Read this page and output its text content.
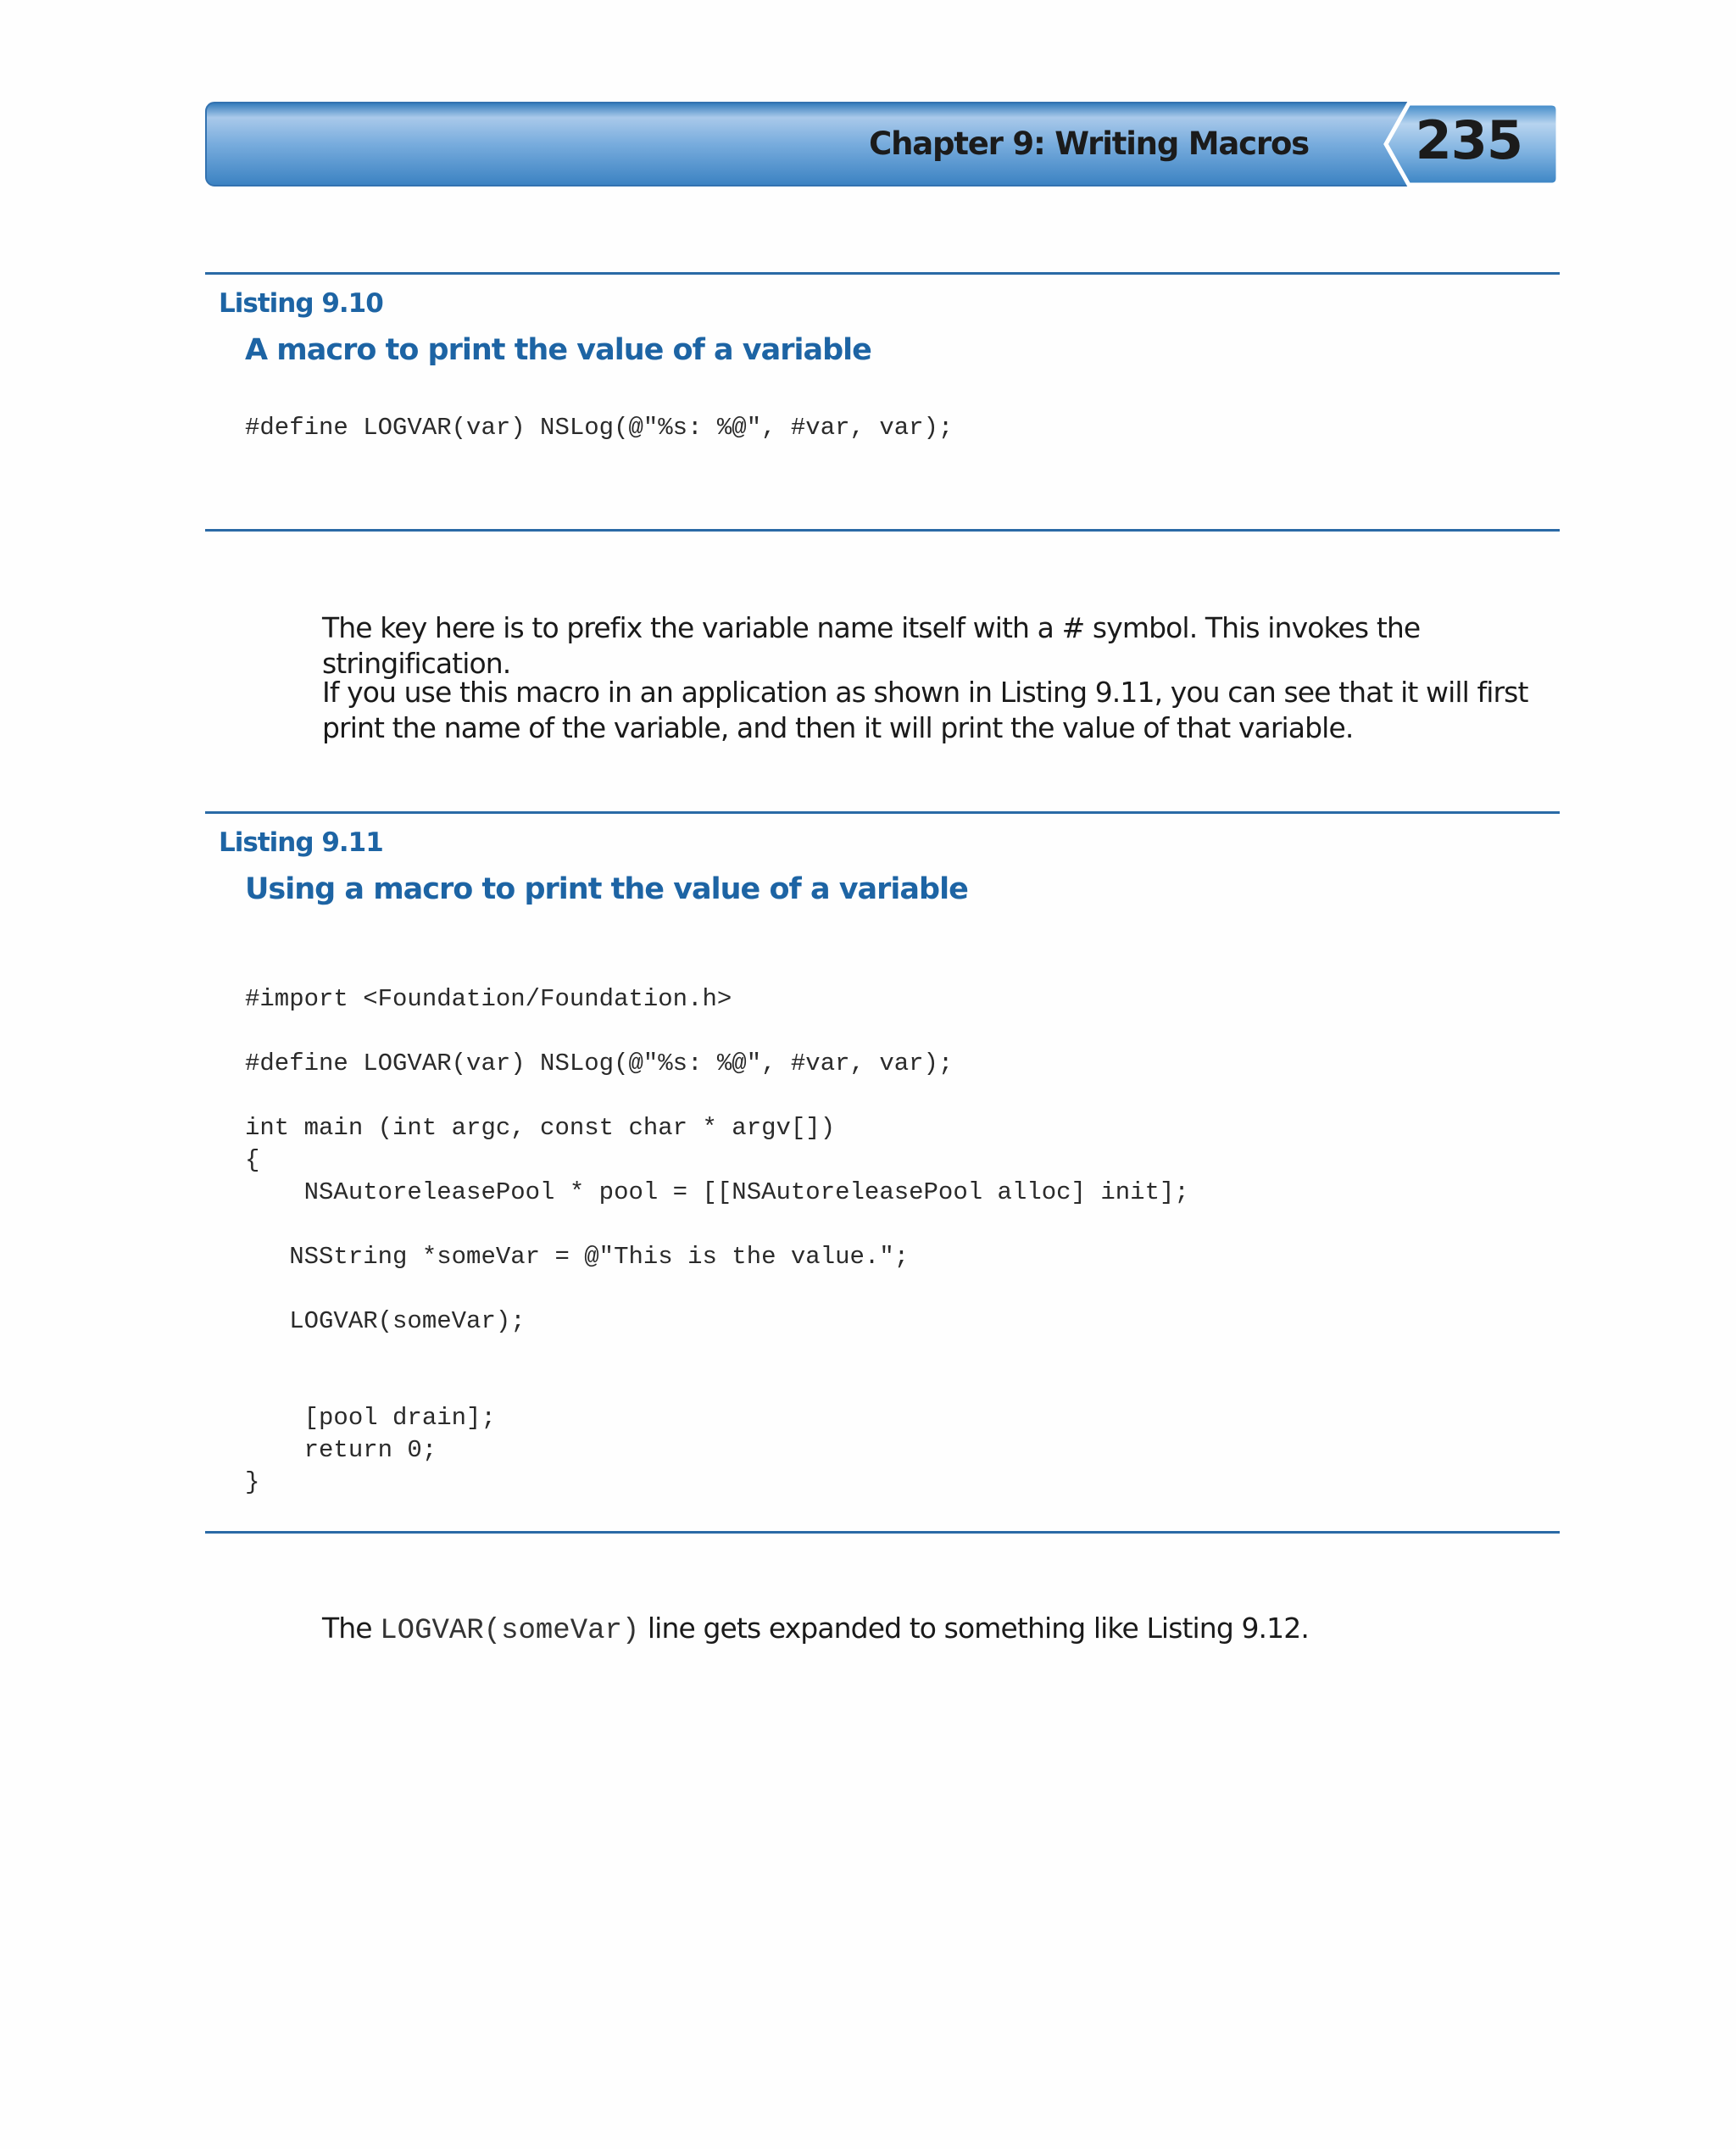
Chapter 9: Writing Macros 235
Listing 9.10
A macro to print the value of a variable
#define LOGVAR(var) NSLog(@"%s: %@", #var, var);

The key here is to prefix the variable name itself with a # symbol. This invokes the stringification.

If you use this macro in an application as shown in Listing 9.11, you can see that it will first print the name of the variable, and then it will print the value of that variable.

Listing 9.11
Using a macro to print the value of a variable
#import <Foundation/Foundation.h>
#define LOGVAR(var) NSLog(@"%s: %@", #var, var);
int main (int argc, const char * argv[])
{
NSAutoreleasePool * pool = [[NSAutoreleasePool alloc] init];
NSString *someVar = @"This is the value.";
LOGVAR(someVar);
[pool drain];
return 0;
}

The LOGVAR(someVar) line gets expanded to something like Listing 9.12.
